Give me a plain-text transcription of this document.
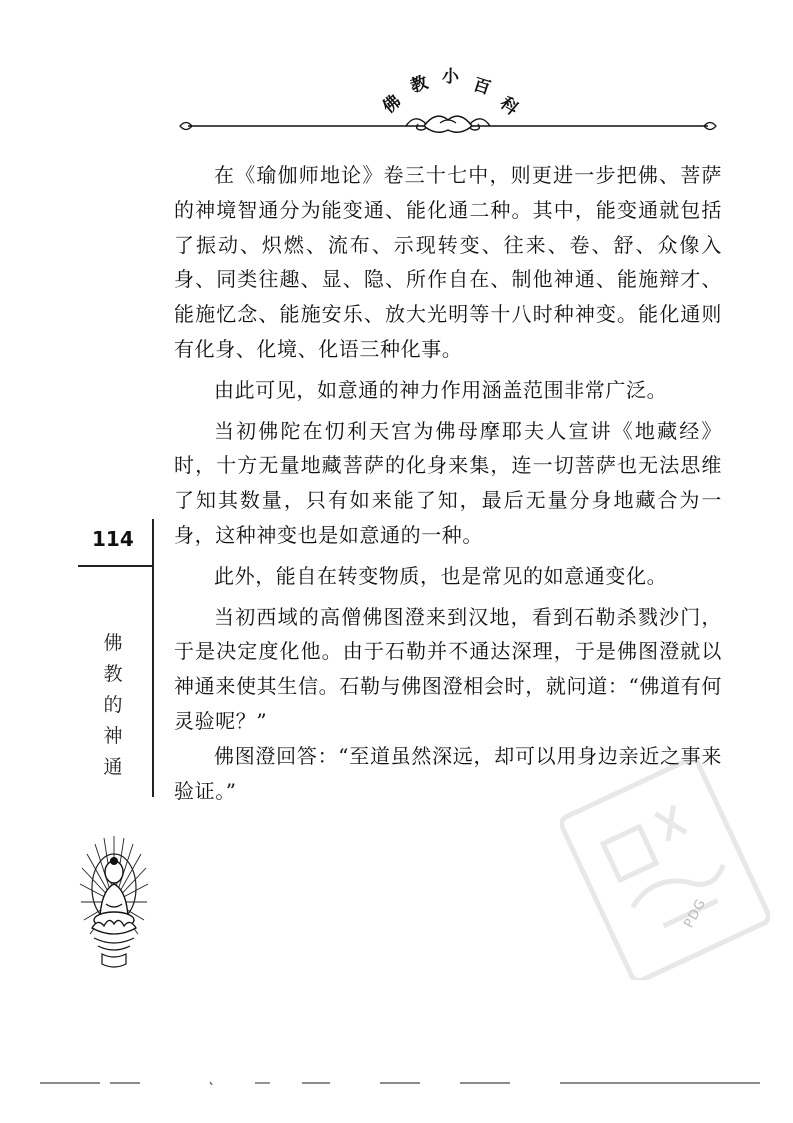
佛
教 小 百
科

在《瑜伽师地论》卷三十七中，则更进一步把佛、菩萨的神境智通分为能变通、能化通二种。其中，能变通就包括了振动、炽燃、流布、示现转变、往来、卷、舒、众像入身、同类往趣、显、隐、所作自在、制他神通、能施辩才、能施忆念、能施安乐、放大光明等十八时种神变。能化通则有化身、化境、化语三种化事。

由此可见，如意通的神力作用涵盖范围非常广泛。

当初佛陀在忉利天宫为佛母摩耶夫人宣讲《地藏经》时，十方无量地藏菩萨的化身来集，连一切菩萨也无法思维了知其数量，只有如来能了知，最后无量分身地藏合为一身，这种神变也是如意通的一种。

此外，能自在转变物质，也是常见的如意通变化。

当初西域的高僧佛图澄来到汉地，看到石勒杀戮沙门，于是决定度化他。由于石勒并不通达深理，于是佛图澄就以神通来使其生信。石勒与佛图澄相会时，就问道：“佛道有何灵验呢？”

佛图澄回答：“至道虽然深远，却可以用身边亲近之事来验证。”

114
佛
教
的
神
通
PDG
